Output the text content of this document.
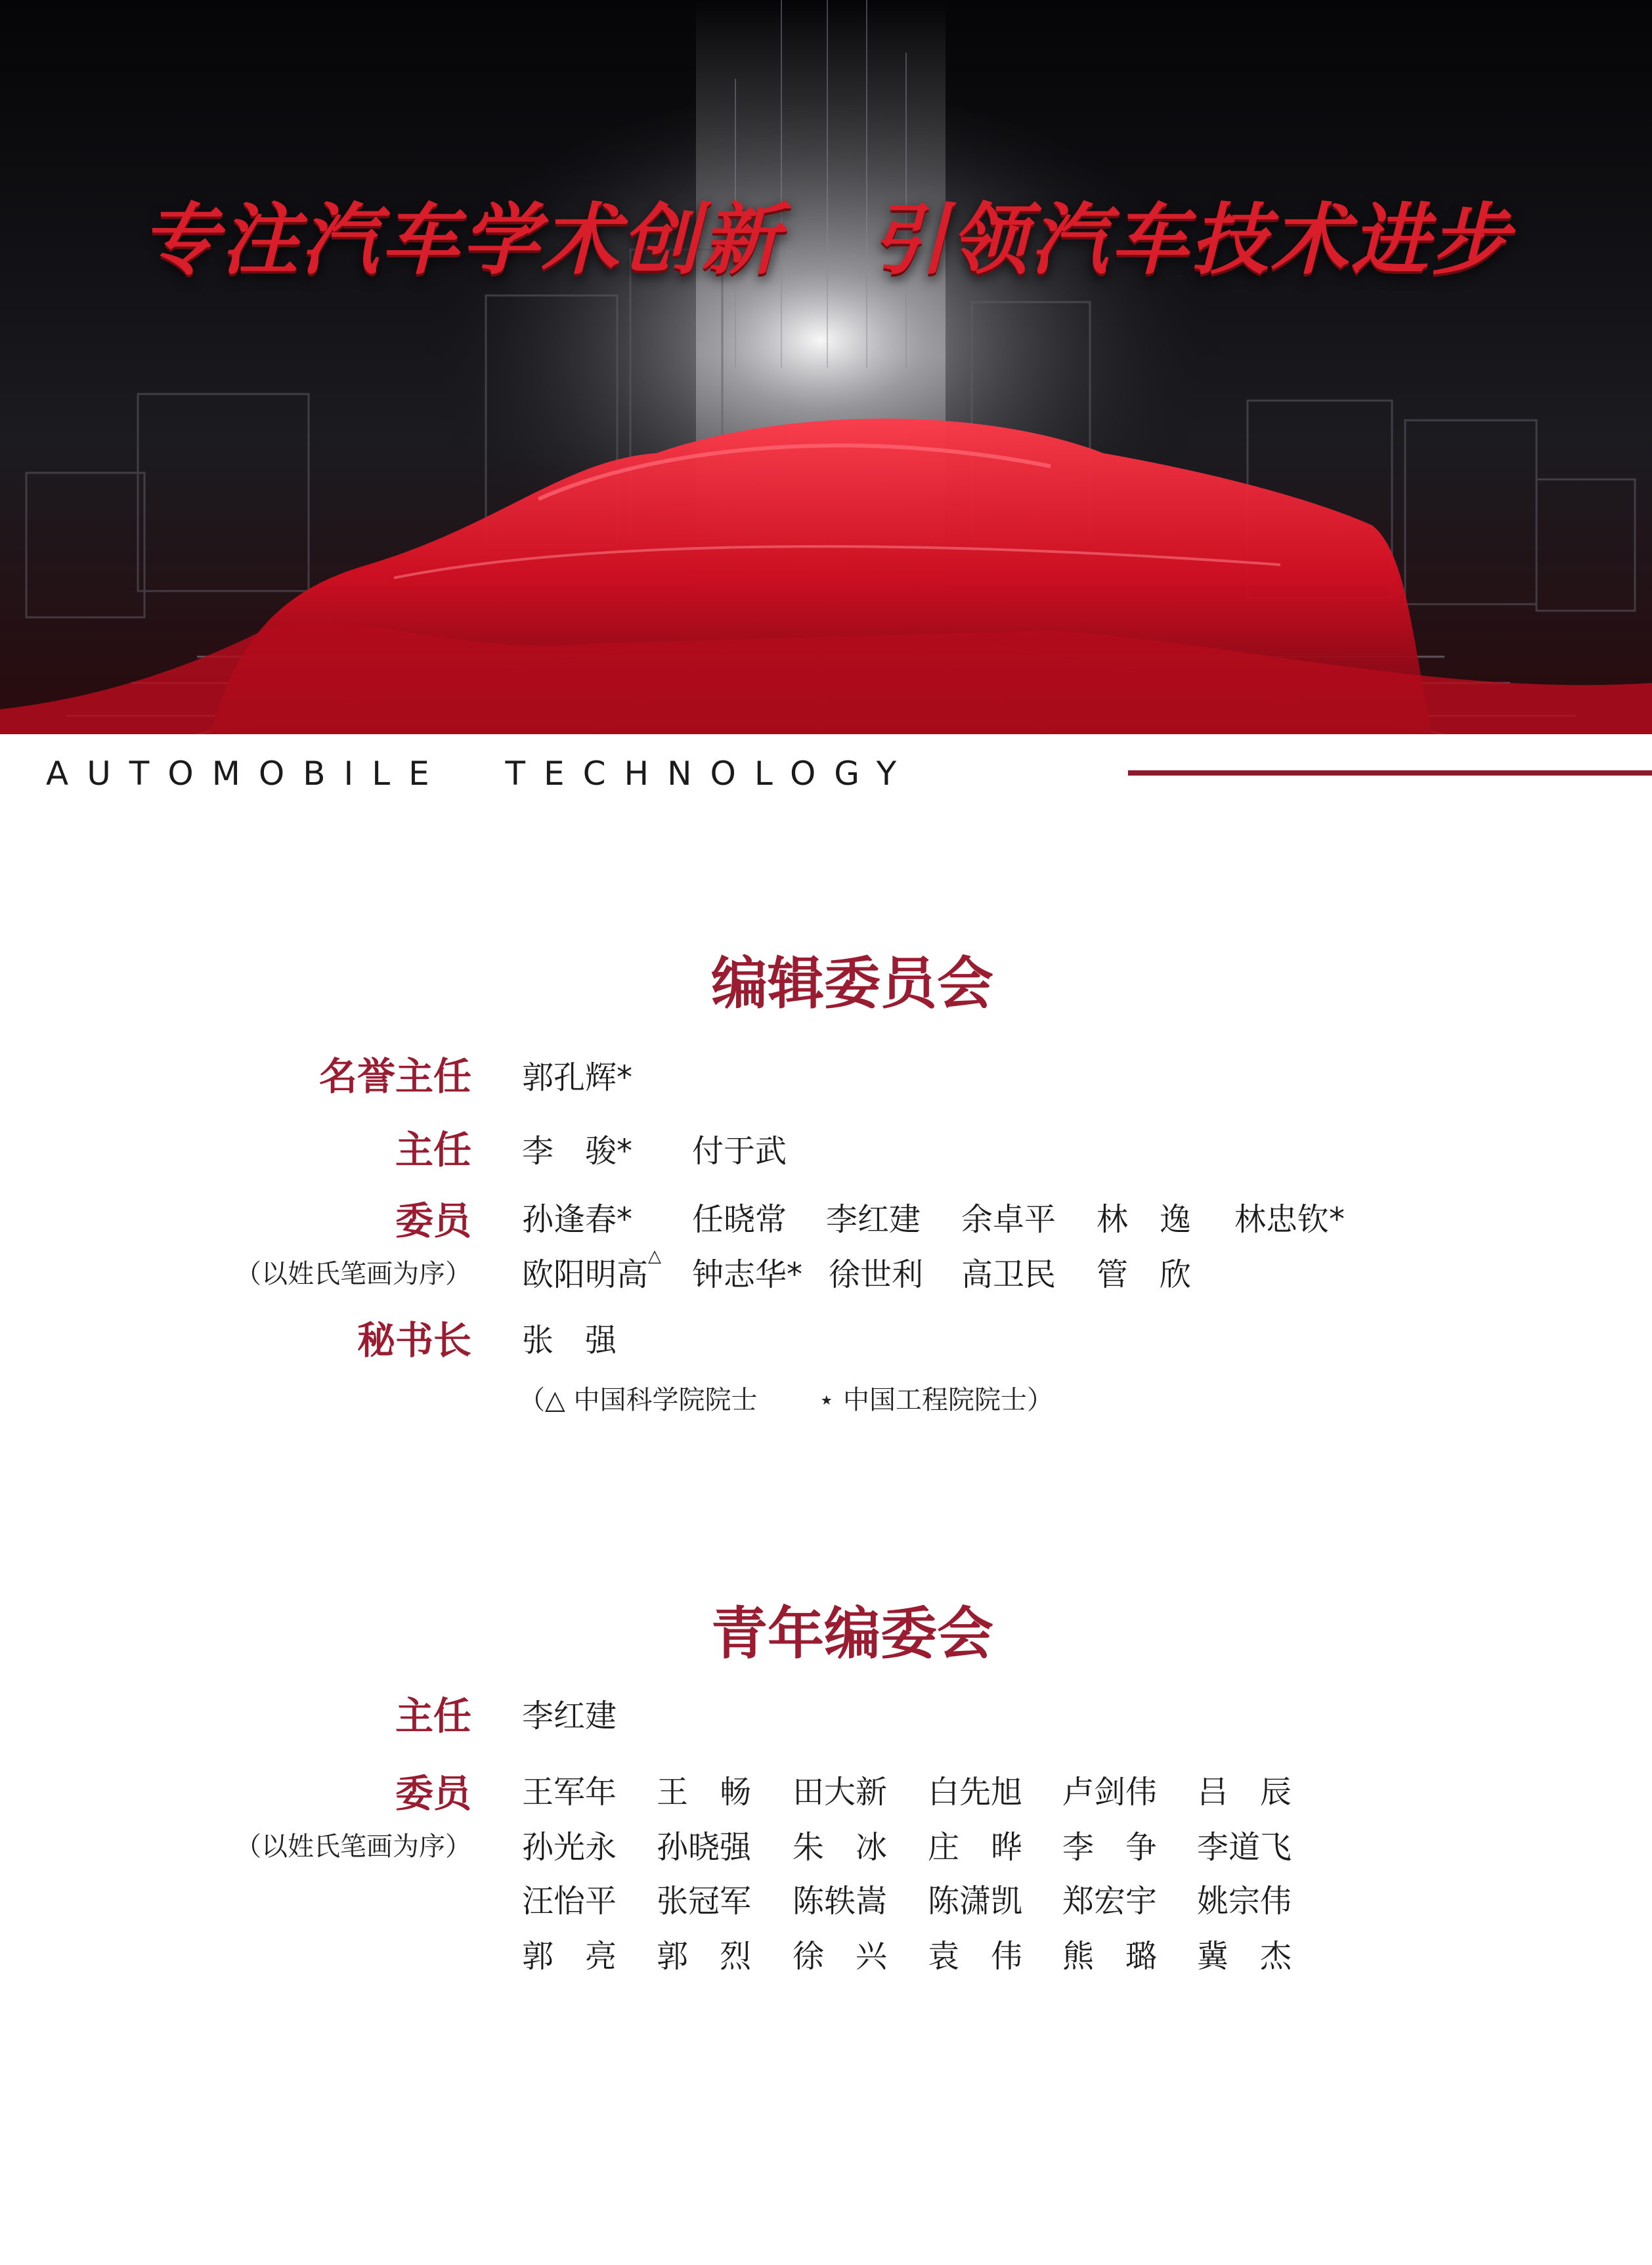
专注汽车学术创新   引领汽车技术进步
AUTOMOBILE  TECHNOLOGY
编辑委员会
名誉主任 郭孔辉*
主任 李　骏* 付于武
委员
（以姓氏笔画为序）
孙逢春* 任晓常 李红建 余卓平 林　逸 林忠钦*
欧阳明高△ 钟志华* 徐世利 高卫民 管　欣
秘书长 张　强
（△ 中国科学院院士　　 ⋆ 中国工程院院士）
青年编委会
主任 李红建
委员
（以姓氏笔画为序）
王军年 王　畅 田大新 白先旭 卢剑伟 吕　辰
孙光永 孙晓强 朱　冰 庄　晔 李　争 李道飞
汪怡平 张冠军 陈轶嵩 陈潇凯 郑宏宇 姚宗伟
郭　亮 郭　烈 徐　兴 袁　伟 熊　璐 冀　杰
